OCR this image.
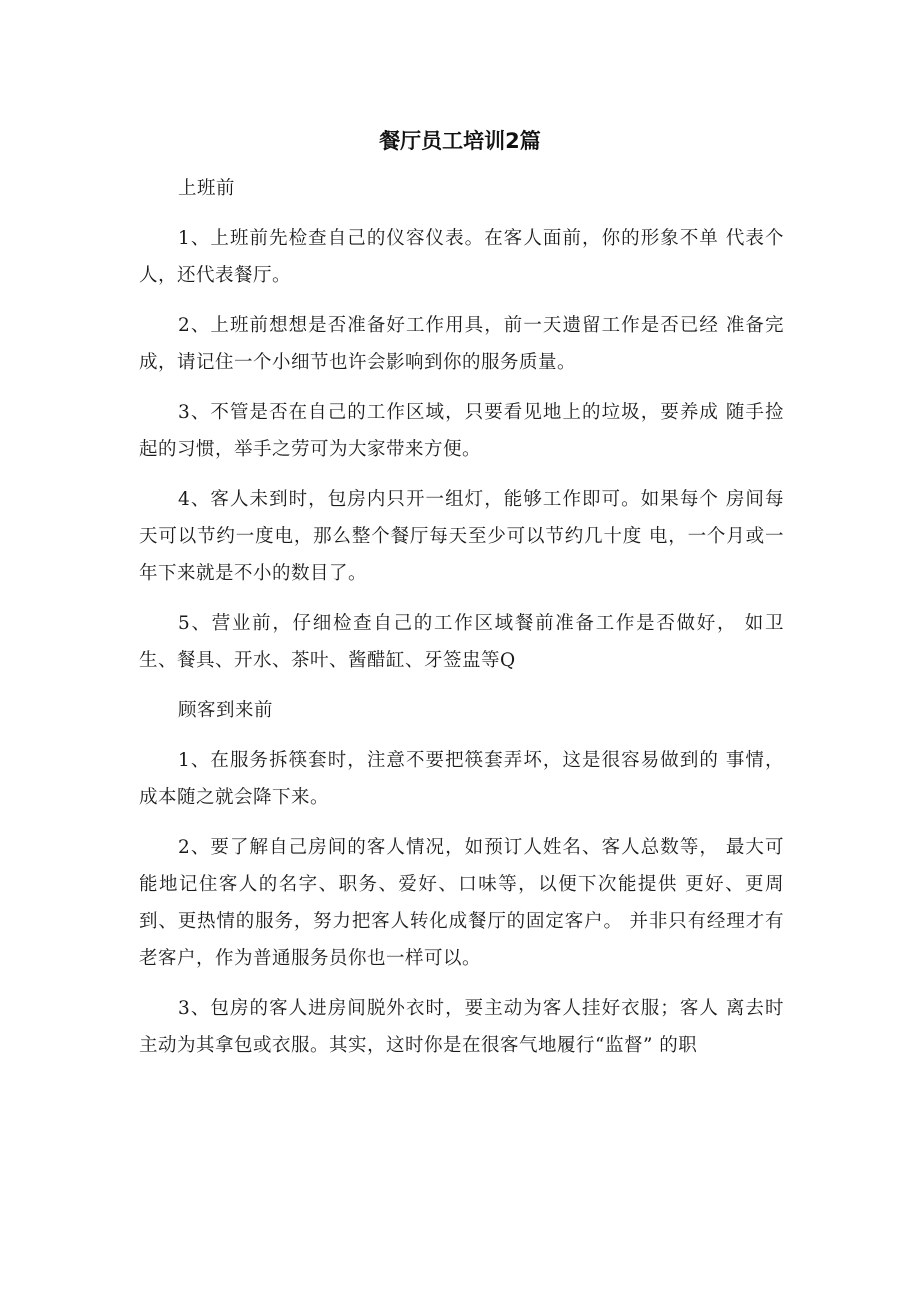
餐厅员工培训2篇

上班前

1、上班前先检查自己的仪容仪表。在客人面前，你的形象不单 代表个人，还代表餐厅。

2、上班前想想是否准备好工作用具，前一天遗留工作是否已经 准备完成，请记住一个小细节也许会影响到你的服务质量。

3、不管是否在自己的工作区域，只要看见地上的垃圾，要养成 随手捡起的习惯，举手之劳可为大家带来方便。

4、客人未到时，包房内只开一组灯，能够工作即可。如果每个 房间每天可以节约一度电，那么整个餐厅每天至少可以节约几十度 电，一个月或一年下来就是不小的数目了。

5、营业前，仔细检查自己的工作区域餐前准备工作是否做好， 如卫生、餐具、开水、茶叶、酱醋缸、牙签盅等Q

顾客到来前

1、在服务拆筷套时，注意不要把筷套弄坏，这是很容易做到的 事情，成本随之就会降下来。

2、要了解自己房间的客人情况，如预订人姓名、客人总数等， 最大可能地记住客人的名字、职务、爱好、口味等，以便下次能提供 更好、更周到、更热情的服务，努力把客人转化成餐厅的固定客户。 并非只有经理才有老客户，作为普通服务员你也一样可以。

3、包房的客人进房间脱外衣时，要主动为客人挂好衣服；客人 离去时主动为其拿包或衣服。其实，这时你是在很客气地履行“监督” 的职
